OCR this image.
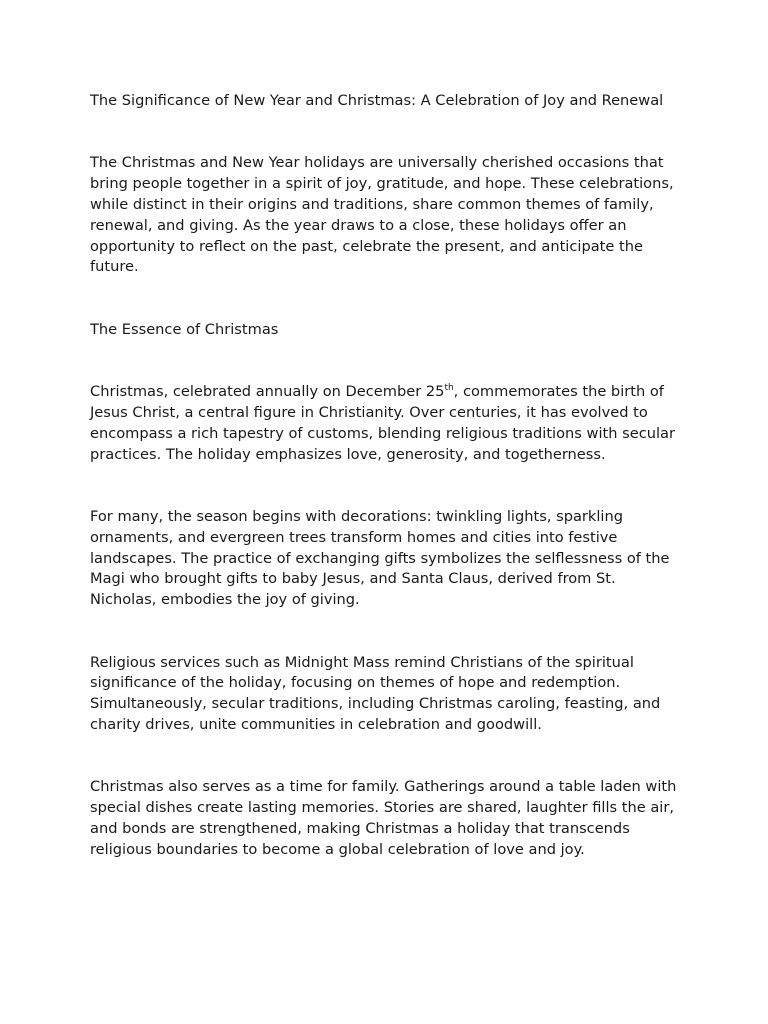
The Significance of New Year and Christmas: A Celebration of Joy and Renewal

The Christmas and New Year holidays are universally cherished occasions that bring people together in a spirit of joy, gratitude, and hope. These celebrations, while distinct in their origins and traditions, share common themes of family, renewal, and giving. As the year draws to a close, these holidays offer an opportunity to reflect on the past, celebrate the present, and anticipate the future.

The Essence of Christmas

Christmas, celebrated annually on December 25th, commemorates the birth of Jesus Christ, a central figure in Christianity. Over centuries, it has evolved to encompass a rich tapestry of customs, blending religious traditions with secular practices. The holiday emphasizes love, generosity, and togetherness.

For many, the season begins with decorations: twinkling lights, sparkling ornaments, and evergreen trees transform homes and cities into festive landscapes. The practice of exchanging gifts symbolizes the selflessness of the Magi who brought gifts to baby Jesus, and Santa Claus, derived from St. Nicholas, embodies the joy of giving.

Religious services such as Midnight Mass remind Christians of the spiritual significance of the holiday, focusing on themes of hope and redemption. Simultaneously, secular traditions, including Christmas caroling, feasting, and charity drives, unite communities in celebration and goodwill.

Christmas also serves as a time for family. Gatherings around a table laden with special dishes create lasting memories. Stories are shared, laughter fills the air, and bonds are strengthened, making Christmas a holiday that transcends religious boundaries to become a global celebration of love and joy.
